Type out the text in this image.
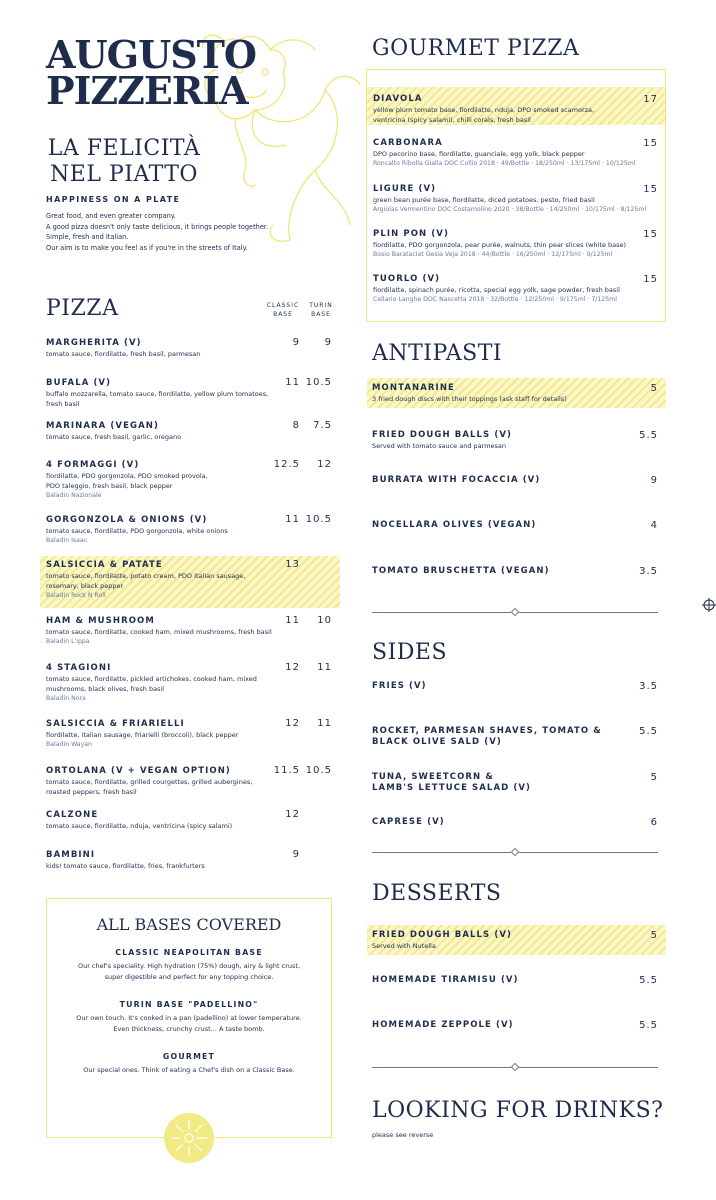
AUGUSTO
PIZZERIA
LA FELICITÀ
NEL PIATTO
HAPPINESS ON A PLATE
Great food, and even greater company.
A good pizza doesn't only taste delicious, it brings people together.
Simple, fresh and Italian.
Our aim is to make you feel as if you're in the streets of Italy.
PIZZA	CLASSIC
BASE
TURIN
BASE
MARGHERITA (V)
tomato sauce, fiordilatte, fresh basil, parmesan
9	9
BUFALA (V)
buffalo mozzarella, tomato sauce, fiordilatte, yellow plum tomatoes,
fresh basil
11 10.5
MARINARA (VEGAN)
tomato sauce, fresh basil, garlic, oregano
8	7.5
4 FORMAGGI (V)
fiordilatte, PDO gorgonzola, PDO smoked provola,
PDO taleggio, fresh basil, black pepper
Baladin Nazionale
12.5	12
GORGONZOLA & ONIONS (V)
tomato sauce, fiordilatte, PDO gorgonzola, white onions
Baladin Isaac
11 10.5
SALSICCIA & PATATE
tomato sauce, fiordilatte, potato cream, PDO Italian sausage,
rosemary, black pepper
Baladin Rock N Roll
13
HAM & MUSHROOM
tomato sauce, fiordilatte, cooked ham, mixed mushrooms, fresh basil
Baladin L'ippa
11	10
4 STAGIONI
tomato sauce, fiordilatte, pickled artichokes, cooked ham, mixed
mushrooms, black olives, fresh basil
Baladin Nora
12	11
SALSICCIA & FRIARIELLI
fiordilatte, italian sausage, friarielli (broccoli), black pepper
Baladin Wayan
12	11
ORTOLANA (V + VEGAN OPTION)
tomato sauce, fiordilatte, grilled courgettes, grilled aubergines,
roasted peppers, fresh basil
11.5 10.5
CALZONE
tomato sauce, fiordilatte, nduja, ventricina (spicy salami)
12
BAMBINI
kids! tomato sauce, fiordilatte, fries, frankfurters
9
ALL BASES COVERED
CLASSIC NEAPOLITAN BASE
Our chef's speciality. High hydration (75%) dough, airy & light crust,
super digestible and perfect for any topping choice.
TURIN BASE "PADELLINO"
Our own touch. It's cooked in a pan (padellino) at lower temperature.
Even thickness, crunchy crust... A taste bomb.
GOURMET
Our special ones. Think of eating a Chef's dish on a Classic Base.
GOURMET PIZZA
DIAVOLA
yellow plum tomato base, fiordilatte, nduja, DPO smoked scamorza,
ventricina (spicy salami), chilli corals, fresh basil
17
CARBONARA
DPO pecorino base, fiordilatte, guanciale, egg yolk, black pepper
Roncalto Ribolla Gialla DOC Collio 2018 · 49/Bottle · 18/250ml · 13/175ml · 10/125ml
15
LIGURE (V)
green bean purée base, fiordilatte, diced potatoes, pesto, fried basil
Argiolas Vermentino DOC Costamolino 2020 · 38/Bottle · 14/250ml · 10/175ml · 8/125ml
15
PLIN PON (V)
fiordilatte, PDO gorgonzola, pear purée, walnuts, thin pear slices (white base)
Bosio Barataciat Gesia Veja 2018 · 44/Bottle · 16/250ml · 12/175ml · 9/125ml
15
TUORLO (V)
fiordilatte, spinach purée, ricotta, special egg yolk, sage powder, fresh basil
Cellario Langhe DOC Nascetta 2018 · 32/Bottle · 12/250ml · 9/175ml · 7/125ml
15
ANTIPASTI
MONTANARINE
3 fried dough discs with their toppings (ask staff for details)
5
FRIED DOUGH BALLS (V)
Served with tomato sauce and parmesan
5.5
BURRATA WITH FOCACCIA (V)	9
NOCELLARA OLIVES (VEGAN)	4
TOMATO BRUSCHETTA (VEGAN)	3.5
SIDES
FRIES (V)	3.5
ROCKET, PARMESAN SHAVES, TOMATO &
BLACK OLIVE SALD (V)
5.5
TUNA, SWEETCORN &
LAMB'S LETTUCE SALAD (V)
5
CAPRESE (V)	6
DESSERTS
FRIED DOUGH BALLS (V)
Served with Nutella
5
HOMEMADE TIRAMISU (V)	5.5
HOMEMADE ZEPPOLE (V)	5.5
LOOKING FOR DRINKS?
please see reverse
